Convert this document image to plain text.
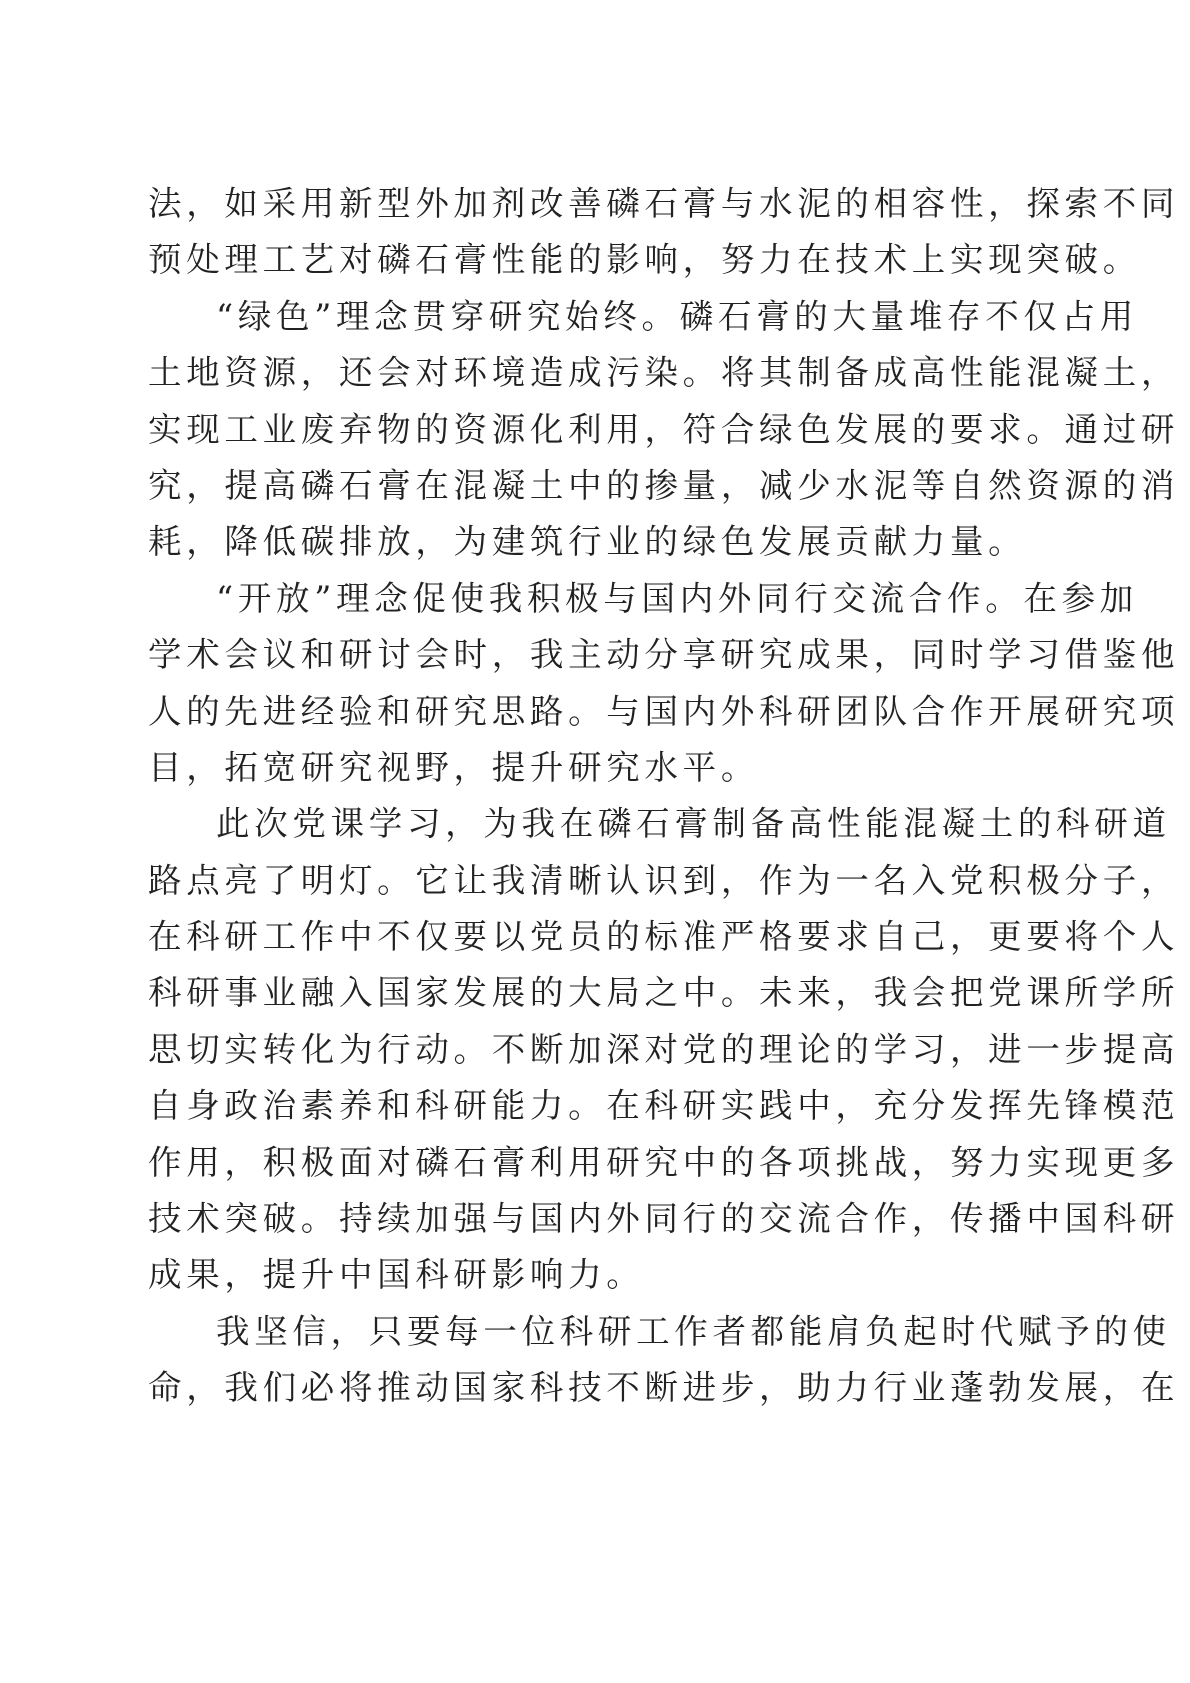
法，如采用新型外加剂改善磷石膏与水泥的相容性，探索不同
预处理工艺对磷石膏性能的影响，努力在技术上实现突破。
“绿色”理念贯穿研究始终。磷石膏的大量堆存不仅占用
土地资源，还会对环境造成污染。将其制备成高性能混凝土，
实现工业废弃物的资源化利用，符合绿色发展的要求。通过研
究，提高磷石膏在混凝土中的掺量，减少水泥等自然资源的消
耗，降低碳排放，为建筑行业的绿色发展贡献力量。
“开放”理念促使我积极与国内外同行交流合作。在参加
学术会议和研讨会时，我主动分享研究成果，同时学习借鉴他
人的先进经验和研究思路。与国内外科研团队合作开展研究项
目，拓宽研究视野，提升研究水平。
此次党课学习，为我在磷石膏制备高性能混凝土的科研道
路点亮了明灯。它让我清晰认识到，作为一名入党积极分子，
在科研工作中不仅要以党员的标准严格要求自己，更要将个人
科研事业融入国家发展的大局之中。未来，我会把党课所学所
思切实转化为行动。不断加深对党的理论的学习，进一步提高
自身政治素养和科研能力。在科研实践中，充分发挥先锋模范
作用，积极面对磷石膏利用研究中的各项挑战，努力实现更多
技术突破。持续加强与国内外同行的交流合作，传播中国科研
成果，提升中国科研影响力。
我坚信，只要每一位科研工作者都能肩负起时代赋予的使
命，我们必将推动国家科技不断进步，助力行业蓬勃发展，在
